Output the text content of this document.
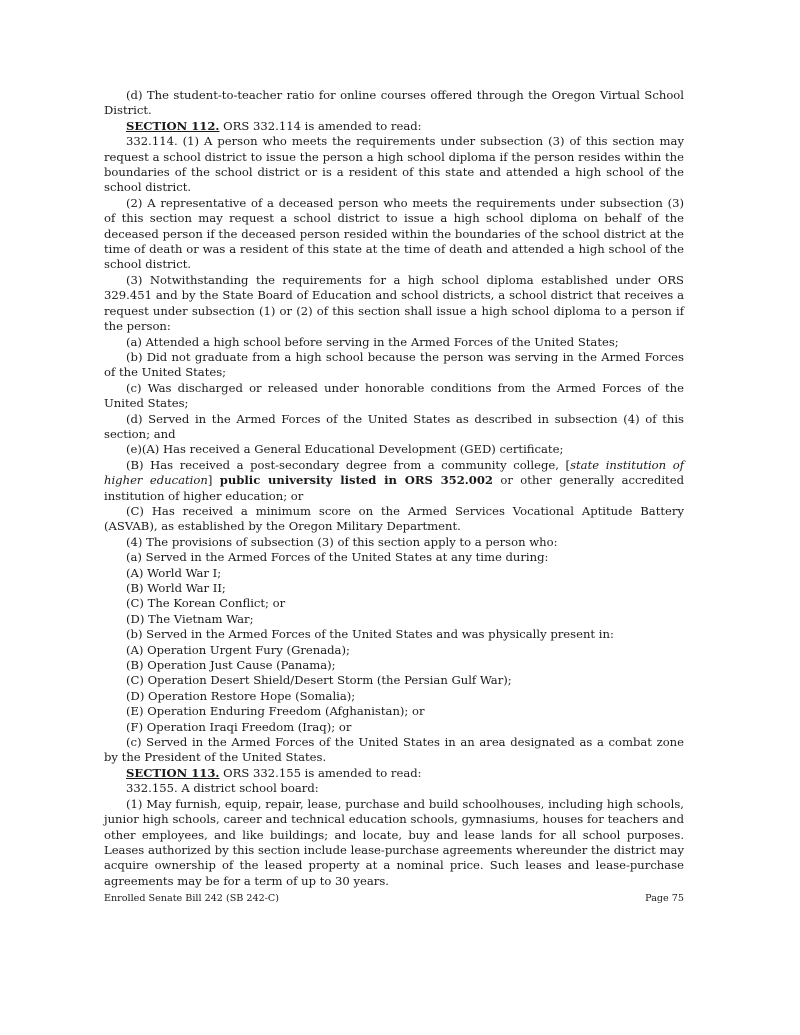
(d) The student-to-teacher ratio for online courses offered through the Oregon Virtual School District.

SECTION 112. ORS 332.114 is amended to read:

332.114. (1) A person who meets the requirements under subsection (3) of this section may request a school district to issue the person a high school diploma if the person resides within the boundaries of the school district or is a resident of this state and attended a high school of the school district.

(2) A representative of a deceased person who meets the requirements under subsection (3) of this section may request a school district to issue a high school diploma on behalf of the deceased person if the deceased person resided within the boundaries of the school district at the time of death or was a resident of this state at the time of death and attended a high school of the school district.

(3) Notwithstanding the requirements for a high school diploma established under ORS 329.451 and by the State Board of Education and school districts, a school district that receives a request under subsection (1) or (2) of this section shall issue a high school diploma to a person if the person:

(a) Attended a high school before serving in the Armed Forces of the United States;

(b) Did not graduate from a high school because the person was serving in the Armed Forces of the United States;

(c) Was discharged or released under honorable conditions from the Armed Forces of the United States;

(d) Served in the Armed Forces of the United States as described in subsection (4) of this section; and

(e)(A) Has received a General Educational Development (GED) certificate;

(B) Has received a post-secondary degree from a community college, [state institution of higher education] public university listed in ORS 352.002 or other generally accredited institution of higher education; or

(C) Has received a minimum score on the Armed Services Vocational Aptitude Battery (ASVAB), as established by the Oregon Military Department.

(4) The provisions of subsection (3) of this section apply to a person who:

(a) Served in the Armed Forces of the United States at any time during:

(A) World War I;

(B) World War II;

(C) The Korean Conflict; or

(D) The Vietnam War;

(b) Served in the Armed Forces of the United States and was physically present in:

(A) Operation Urgent Fury (Grenada);

(B) Operation Just Cause (Panama);

(C) Operation Desert Shield/Desert Storm (the Persian Gulf War);

(D) Operation Restore Hope (Somalia);

(E) Operation Enduring Freedom (Afghanistan); or

(F) Operation Iraqi Freedom (Iraq); or

(c) Served in the Armed Forces of the United States in an area designated as a combat zone by the President of the United States.

SECTION 113. ORS 332.155 is amended to read:

332.155. A district school board:

(1) May furnish, equip, repair, lease, purchase and build schoolhouses, including high schools, junior high schools, career and technical education schools, gymnasiums, houses for teachers and other employees, and like buildings; and locate, buy and lease lands for all school purposes. Leases authorized by this section include lease-purchase agreements whereunder the district may acquire ownership of the leased property at a nominal price. Such leases and lease-purchase agreements may be for a term of up to 30 years.

Enrolled Senate Bill 242 (SB 242-C)	Page 75
